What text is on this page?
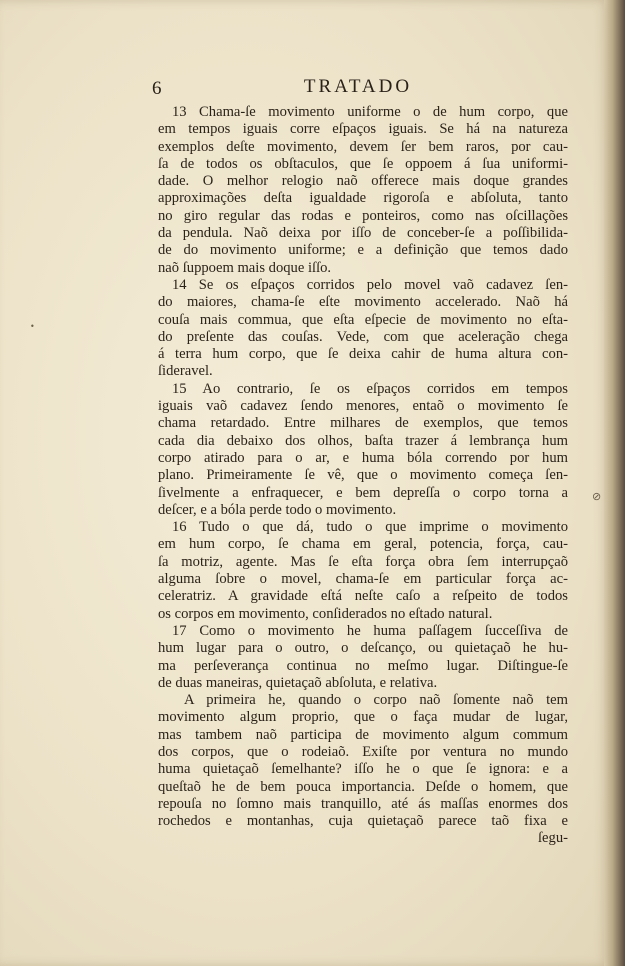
6	TRATADO
13 Chama-ſe movimento uniforme o de hum corpo, que
em tempos iguais corre eſpaços iguais. Se há na natureza
exemplos deſte movimento, devem ſer bem raros, por cau-
ſa de todos os obſtaculos, que ſe oppoem á ſua uniformi-
dade. O melhor relogio naõ offerece mais doque grandes
approximações deſta igualdade rigoroſa e abſoluta, tanto
no giro regular das rodas e ponteiros, como nas oſcillações
da pendula. Naõ deixa por iſſo de conceber-ſe a poſſibilida-
de do movimento uniforme; e a definição que temos dado
naõ ſuppoem mais doque iſſo.
14 Se os eſpaços corridos pelo movel vaõ cadavez ſen-
do maiores, chama-ſe eſte movimento accelerado. Naõ há
couſa mais commua, que eſta eſpecie de movimento no eſta-
do preſente das couſas. Vede, com que aceleração chega
á terra hum corpo, que ſe deixa cahir de huma altura con-
ſideravel.
15 Ao contrario, ſe os eſpaços corridos em tempos
iguais vaõ cadavez ſendo menores, entaõ o movimento ſe
chama retardado. Entre milhares de exemplos, que temos
cada dia debaixo dos olhos, baſta trazer á lembrança hum
corpo atirado para o ar, e huma bóla correndo por hum
plano. Primeiramente ſe vê, que o movimento começa ſen-
ſivelmente a enfraquecer, e bem depreſſa o corpo torna a
deſcer, e a bóla perde todo o movimento.
16 Tudo o que dá, tudo o que imprime o movimento
em hum corpo, ſe chama em geral, potencia, força, cau-
ſa motriz, agente. Mas ſe eſta força obra ſem interrupçaõ
alguma ſobre o movel, chama-ſe em particular força ac-
celeratriz. A gravidade eſtá neſte caſo a reſpeito de todos
os corpos em movimento, conſiderados no eſtado natural.
17 Como o movimento he huma paſſagem ſucceſſiva de
hum lugar para o outro, o deſcanço, ou quietaçaõ he hu-
ma perſeverança continua no meſmo lugar. Diſtingue-ſe
de duas maneiras, quietaçaõ abſoluta, e relativa.
A primeira he, quando o corpo naõ ſomente naõ tem
movimento algum proprio, que o faça mudar de lugar,
mas tambem naõ participa de movimento algum commum
dos corpos, que o rodeiaõ. Exiſte por ventura no mundo
huma quietaçaõ ſemelhante? iſſo he o que ſe ignora: e a
queſtaõ he de bem pouca importancia. Deſde o homem, que
repouſa no ſomno mais tranquillo, até ás maſſas enormes dos
rochedos e montanhas, cuja quietaçaõ parece taõ fixa e
ſegu-
•
⊘
